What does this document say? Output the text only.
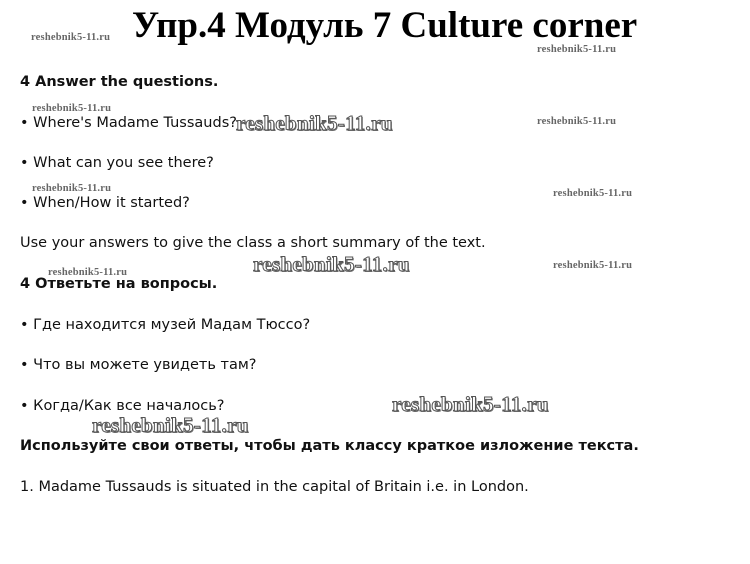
Упр.4 Модуль 7 Culture corner
4 Answer the questions.
• Where's Madame Tussauds?
• What can you see there?
• When/How it started?
Use your answers to give the class a short summary of the text.
4 Ответьте на вопросы.
• Где находится музей Мадам Тюссо?
• Что вы можете увидеть там?
• Когда/Как все началось?
Используйте свои ответы, чтобы дать классу краткое изложение текста.
1. Madame Tussauds is situated in the capital of Britain i.e. in London.
reshebnik5-11.ru
reshebnik5-11.ru
reshebnik5-11.ru
reshebnik5-11.ru
reshebnik5-11.ru	reshebnik5-11.ru
reshebnik5-11.ru
reshebnik5-11.ru
reshebnik5-11.ru
reshebnik5-11.ru
reshebnik5-11.ru
reshebnik5-11.ru
